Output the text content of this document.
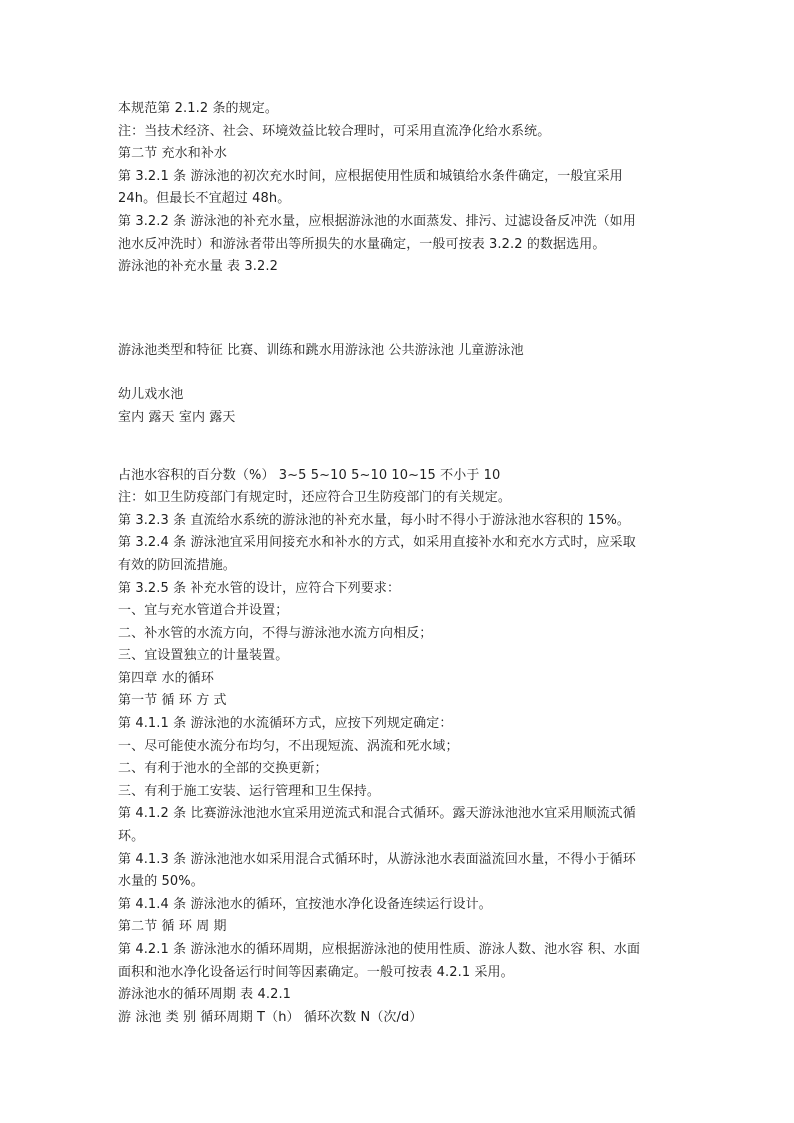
本规范第 2.1.2 条的规定。
注：当技术经济、社会、环境效益比较合理时，可采用直流净化给水系统。
第二节 充水和补水
第 3.2.1 条 游泳池的初次充水时间，应根据使用性质和城镇给水条件确定，一般宜采用
24h。但最长不宜超过 48h。
第 3.2.2 条 游泳池的补充水量，应根据游泳池的水面蒸发、排污、过滤设备反冲洗（如用
池水反冲洗时）和游泳者带出等所损失的水量确定，一般可按表 3.2.2 的数据选用。
游泳池的补充水量 表 3.2.2
游泳池类型和特征 比赛、训练和跳水用游泳池 公共游泳池 儿童游泳池
幼儿戏水池
室内 露天 室内 露天
占池水容积的百分数（%） 3~5 5~10 5~10 10~15 不小于 10
注：如卫生防疫部门有规定时，还应符合卫生防疫部门的有关规定。
第 3.2.3 条 直流给水系统的游泳池的补充水量，每小时不得小于游泳池水容积的 15%。
第 3.2.4 条 游泳池宜采用间接充水和补水的方式，如采用直接补水和充水方式时，应采取
有效的防回流措施。
第 3.2.5 条 补充水管的设计，应符合下列要求：
一、宜与充水管道合并设置；
二、补水管的水流方向，不得与游泳池水流方向相反；
三、宜设置独立的计量装置。
第四章 水的循环
第一节 循 环 方 式
第 4.1.1 条 游泳池的水流循环方式，应按下列规定确定：
一、尽可能使水流分布均匀，不出现短流、涡流和死水域；
二、有利于池水的全部的交换更新；
三、有利于施工安装、运行管理和卫生保持。
第 4.1.2 条 比赛游泳池池水宜采用逆流式和混合式循环。露天游泳池池水宜采用顺流式循
环。
第 4.1.3 条 游泳池池水如采用混合式循环时，从游泳池水表面溢流回水量，不得小于循环
水量的 50%。
第 4.1.4 条 游泳池水的循环，宜按池水净化设备连续运行设计。
第二节 循 环 周 期
第 4.2.1 条 游泳池水的循环周期，应根据游泳池的使用性质、游泳人数、池水容 积、水面
面积和池水净化设备运行时间等因素确定。一般可按表 4.2.1 采用。
游泳池水的循环周期 表 4.2.1
游 泳池 类 别 循环周期 T（h） 循环次数 N（次/d）
